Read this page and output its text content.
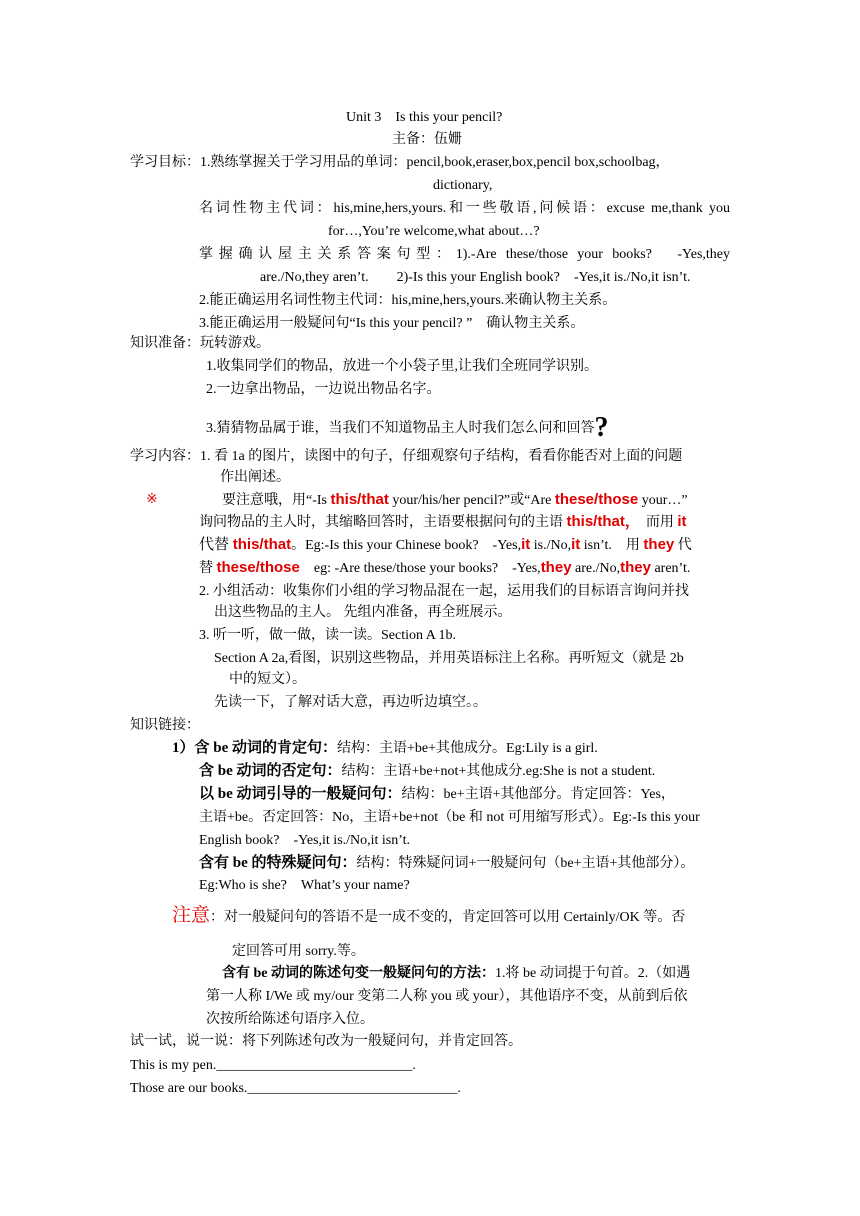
Unit 3　Is this your pencil?
主备：伍姗
学习目标：1.熟练掌握关于学习用品的单词：pencil,book,eraser,box,pencil box,schoolbag，
dictionary,
名词性物主代词：his,mine,hers,yours.和一些敬语,问候语：excuse me,thank you
for…,You’re welcome,what about…?
掌握确认屋主关系答案句型：1).-Are these/those your books?　-Yes,they
are./No,they aren’t.　　2)-Is this your English book?　-Yes,it is./No,it isn’t.
2.能正确运用名词性物主代词：his,mine,hers,yours.来确认物主关系。
3.能正确运用一般疑问句“Is this your pencil? ”　确认物主关系。
知识准备：玩转游戏。
1.收集同学们的物品，放进一个小袋子里,让我们全班同学识别。
2.一边拿出物品，一边说出物品名字。
3.猜猜物品属于谁，当我们不知道物品主人时我们怎么问和回答?
学习内容：1. 看 1a 的图片，读图中的句子，仔细观察句子结构，看看你能否对上面的问题
作出阐述。
※	要注意哦，用“-Is this/that your/his/her pencil?”或“Are these/those your…”
询问物品的主人时，其缩略回答时，主语要根据问句的主语 this/that， 而用 it
代替 this/that。Eg:-Is this your Chinese book?　-Yes,it is./No,it isn’t.　用 they 代
替 these/those　eg: -Are these/those your books?　-Yes,they are./No,they aren’t.
2. 小组活动：收集你们小组的学习物品混在一起，运用我们的目标语言询问并找
出这些物品的主人。 先组内准备，再全班展示。
3. 听一听，做一做，读一读。Section A 1b.
Section A 2a,看图，识别这些物品，并用英语标注上名称。再听短文（就是 2b
中的短文）。
先读一下，了解对话大意，再边听边填空。。
知识链接：
1）含 be 动词的肯定句：结构：主语+be+其他成分。Eg:Lily is a girl.
含 be 动词的否定句：结构：主语+be+not+其他成分.eg:She is not a student.
以 be 动词引导的一般疑问句：结构：be+主语+其他部分。肯定回答：Yes，
主语+be。否定回答：No，主语+be+not（be 和 not 可用缩写形式）。Eg:-Is this your
English book?　-Yes,it is./No,it isn’t.
含有 be 的特殊疑问句：结构：特殊疑问词+一般疑问句（be+主语+其他部分）。
Eg:Who is she?　What’s your name?
注意：对一般疑问句的答语不是一成不变的，肯定回答可以用 Certainly/OK 等。否
定回答可用 sorry.等。
含有 be 动词的陈述句变一般疑问句的方法：1.将 be 动词提于句首。2.（如遇
第一人称 I/We 或 my/our 变第二人称 you 或 your），其他语序不变，从前到后依
次按所给陈述句语序入位。
试一试，说一说：将下列陈述句改为一般疑问句，并肯定回答。
This is my pen.____________________________.
Those are our books.______________________________.
